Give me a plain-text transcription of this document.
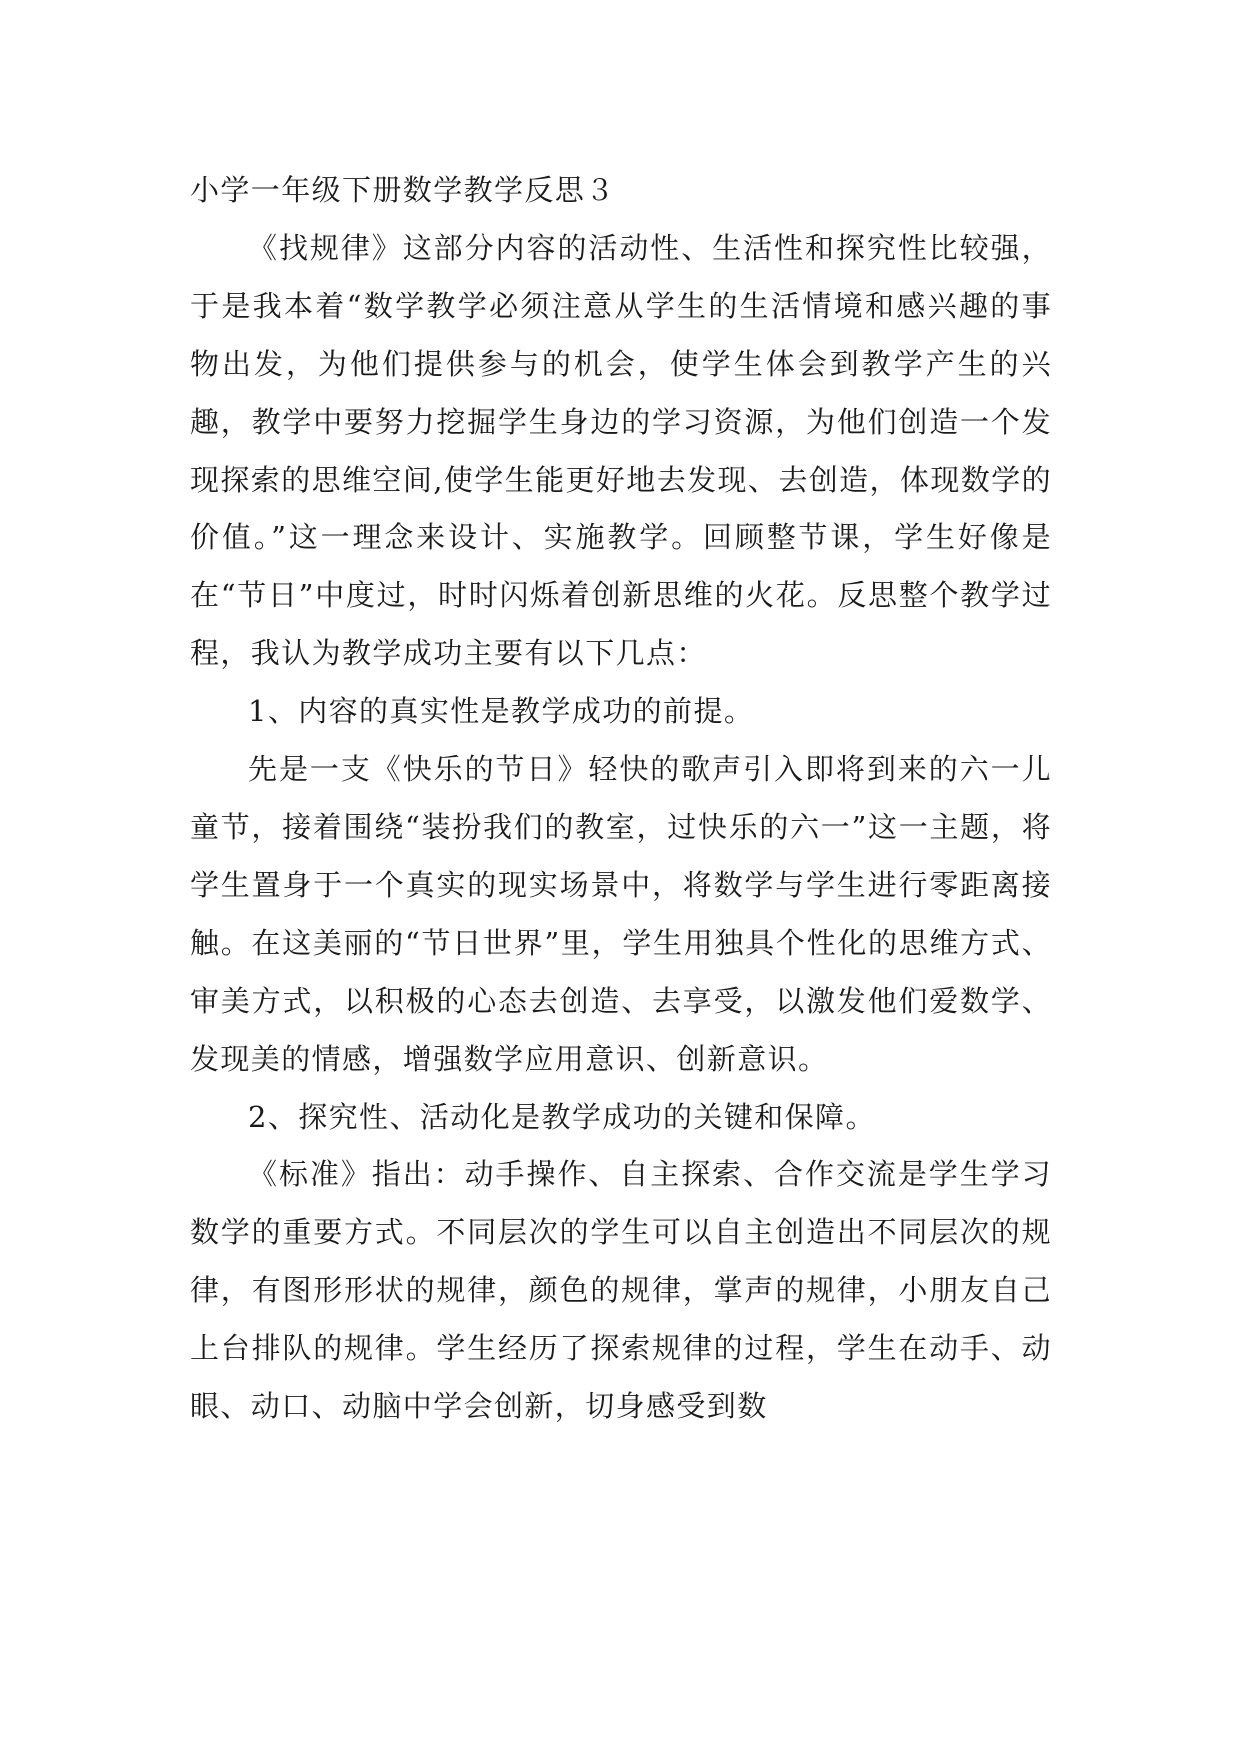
小学一年级下册数学教学反思３

《找规律》这部分内容的活动性、生活性和探究性比较强，于是我本着“数学教学必须注意从学生的生活情境和感兴趣的事物出发，为他们提供参与的机会，使学生体会到教学产生的兴趣，教学中要努力挖掘学生身边的学习资源，为他们创造一个发现探索的思维空间,使学生能更好地去发现、去创造，体现数学的价值。”这一理念来设计、实施教学。回顾整节课，学生好像是在“节日”中度过，时时闪烁着创新思维的火花。反思整个教学过程，我认为教学成功主要有以下几点：

1、内容的真实性是教学成功的前提。

先是一支《快乐的节日》轻快的歌声引入即将到来的六一儿童节，接着围绕“装扮我们的教室，过快乐的六一”这一主题，将学生置身于一个真实的现实场景中，将数学与学生进行零距离接触。在这美丽的“节日世界”里，学生用独具个性化的思维方式、审美方式，以积极的心态去创造、去享受，以激发他们爱数学、发现美的情感，增强数学应用意识、创新意识。

2、探究性、活动化是教学成功的关键和保障。

《标准》指出：动手操作、自主探索、合作交流是学生学习数学的重要方式。不同层次的学生可以自主创造出不同层次的规律，有图形形状的规律，颜色的规律，掌声的规律，小朋友自己上台排队的规律。学生经历了探索规律的过程，学生在动手、动眼、动口、动脑中学会创新，切身感受到数
